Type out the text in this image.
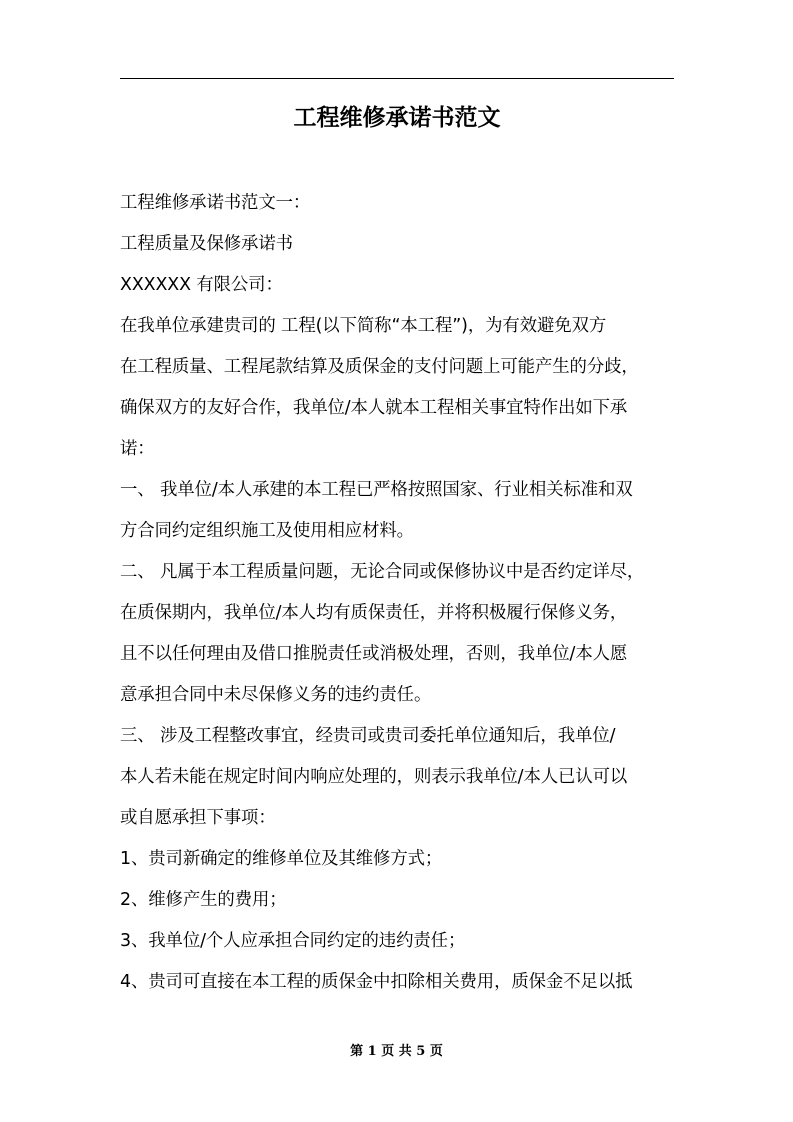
工程维修承诺书范文

工程维修承诺书范文一：

工程质量及保修承诺书

XXXXXX 有限公司：

在我单位承建贵司的 工程(以下简称“本工程”)，为有效避免双方
在工程质量、工程尾款结算及质保金的支付问题上可能产生的分歧，
确保双方的友好合作，我单位/本人就本工程相关事宜特作出如下承
诺：

一、 我单位/本人承建的本工程已严格按照国家、行业相关标准和双
方合同约定组织施工及使用相应材料。

二、 凡属于本工程质量问题，无论合同或保修协议中是否约定详尽，
在质保期内，我单位/本人均有质保责任，并将积极履行保修义务，
且不以任何理由及借口推脱责任或消极处理，否则，我单位/本人愿
意承担合同中未尽保修义务的违约责任。

三、 涉及工程整改事宜，经贵司或贵司委托单位通知后，我单位/
本人若未能在规定时间内响应处理的，则表示我单位/本人已认可以
或自愿承担下事项：

1、贵司新确定的维修单位及其维修方式；

2、维修产生的费用；

3、我单位/个人应承担合同约定的违约责任；

4、贵司可直接在本工程的质保金中扣除相关费用，质保金不足以抵

第 1 页 共 5 页
